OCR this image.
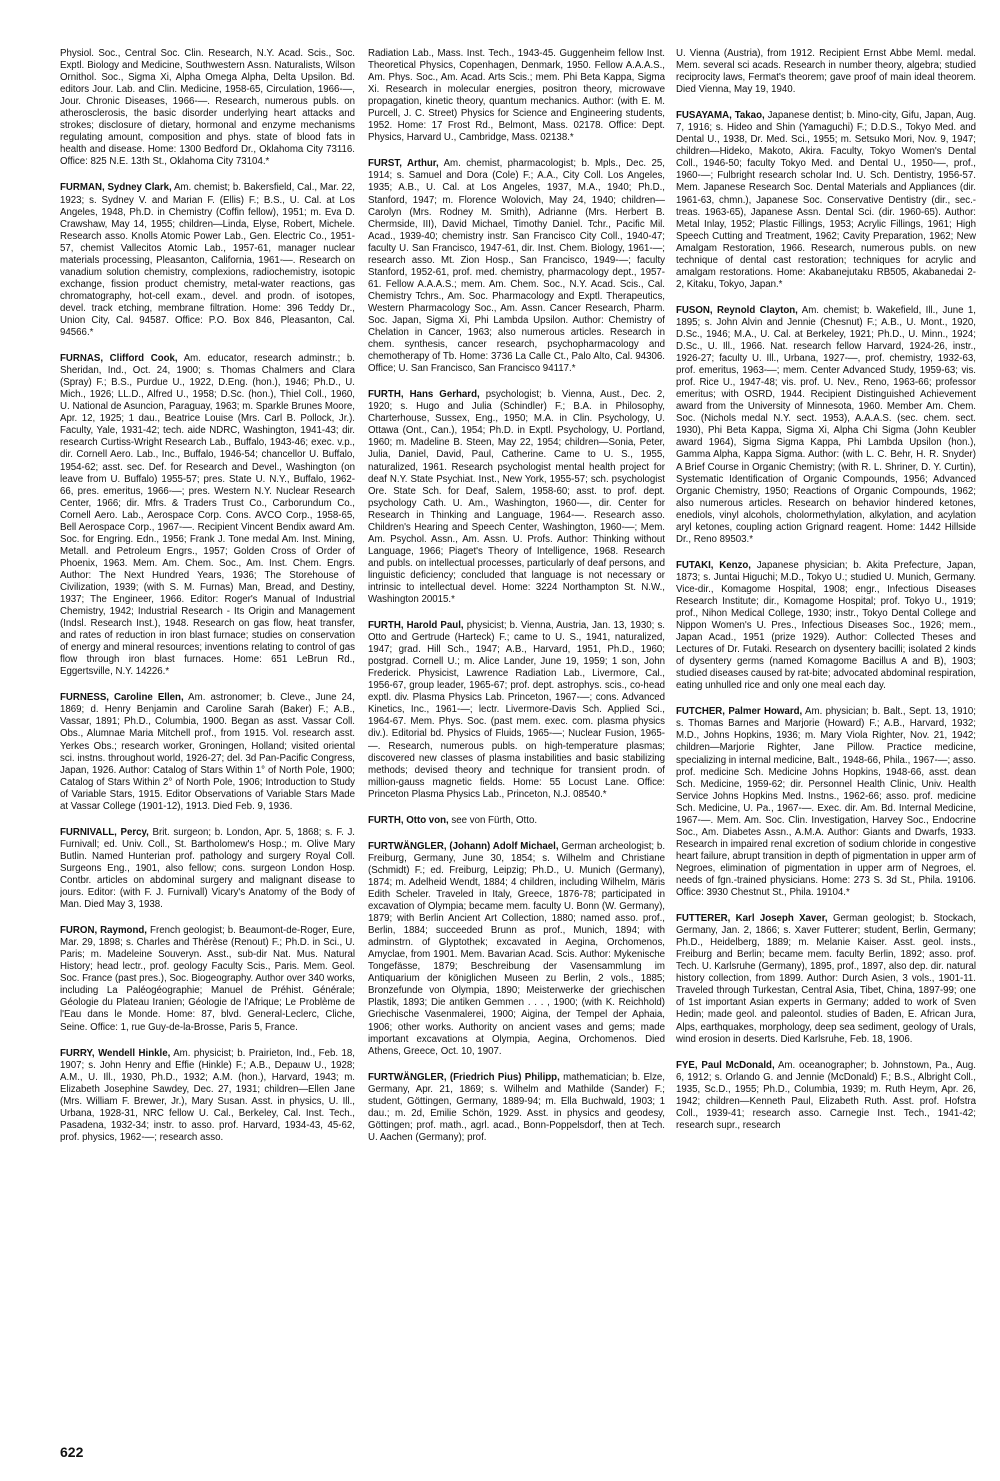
Physiol. Soc., Central Soc. Clin. Research, N.Y. Acad. Scis., Soc. Exptl. Biology and Medicine, Southwestern Assn. Naturalists, Wilson Ornithol. Soc., Sigma Xi, Alpha Omega Alpha, Delta Upsilon. Bd. editors Jour. Lab. and Clin. Medicine, 1958-65, Circulation, 1966-—, Jour. Chronic Diseases, 1966-—. Research, numerous publs. on atherosclerosis, the basic disorder underlying heart attacks and strokes; disclosure of dietary, hormonal and enzyme mechanisms regulating amount, composition and phys. state of blood fats in health and disease. Home: 1300 Bedford Dr., Oklahoma City 73116. Office: 825 N.E. 13th St., Oklahoma City 73104.*

FURMAN, Sydney Clark, Am. chemist; b. Bakersfield, Cal., Mar. 22, 1923; s. Sydney V. and Marian F. (Ellis) F.; B.S., U. Cal. at Los Angeles, 1948, Ph.D. in Chemistry (Coffin fellow), 1951; m. Eva D. Crawshaw, May 14, 1955; children—Linda, Elyse, Robert, Michele. Research asso. Knolls Atomic Power Lab., Gen. Electric Co., 1951-57, chemist Vallecitos Atomic Lab., 1957-61, manager nuclear materials processing, Pleasanton, California, 1961-—. Research on vanadium solution chemistry, complexions, radiochemistry, isotopic exchange, fission product chemistry, metal-water reactions, gas chromatography, hot-cell exam., devel. and prodn. of isotopes, devel. track etching, membrane filtration. Home: 396 Teddy Dr., Union City, Cal. 94587. Office: P.O. Box 846, Pleasanton, Cal. 94566.*

FURNAS, Clifford Cook, Am. educator, research adminstr.; b. Sheridan, Ind., Oct. 24, 1900; s. Thomas Chalmers and Clara (Spray) F.; B.S., Purdue U., 1922, D.Eng. (hon.), 1946; Ph.D., U. Mich., 1926; LL.D., Alfred U., 1958; D.Sc. (hon.), Thiel Coll., 1960, U. National de Asuncion, Paraguay, 1963; m. Sparkle Brunes Moore, Apr. 12, 1925; 1 dau., Beatrice Louise (Mrs. Carl B. Pollock, Jr.). Faculty, Yale, 1931-42; tech. aide NDRC, Washington, 1941-43; dir. research Curtiss-Wright Research Lab., Buffalo, 1943-46; exec. v.p., dir. Cornell Aero. Lab., Inc., Buffalo, 1946-54; chancellor U. Buffalo, 1954-62; asst. sec. Def. for Research and Devel., Washington (on leave from U. Buffalo) 1955-57; pres. State U. N.Y., Buffalo, 1962-66, pres. emeritus, 1966-—; pres. Western N.Y. Nuclear Research Center, 1966; dir. Mfrs. & Traders Trust Co., Carborundum Co., Cornell Aero. Lab., Aerospace Corp. Cons. AVCO Corp., 1958-65, Bell Aerospace Corp., 1967-—. Recipient Vincent Bendix award Am. Soc. for Engring. Edn., 1956; Frank J. Tone medal Am. Inst. Mining, Metall. and Petroleum Engrs., 1957; Golden Cross of Order of Phoenix, 1963. Mem. Am. Chem. Soc., Am. Inst. Chem. Engrs. Author: The Next Hundred Years, 1936; The Storehouse of Civilization, 1939; (with S. M. Furnas) Man, Bread, and Destiny, 1937; The Engineer, 1966. Editor: Roger's Manual of Industrial Chemistry, 1942; Industrial Research - Its Origin and Management (Indsl. Research Inst.), 1948. Research on gas flow, heat transfer, and rates of reduction in iron blast furnace; studies on conservation of energy and mineral resources; inventions relating to control of gas flow through iron blast furnaces. Home: 651 LeBrun Rd., Eggertsville, N.Y. 14226.*

FURNESS, Caroline Ellen, Am. astronomer; b. Cleve., June 24, 1869; d. Henry Benjamin and Caroline Sarah (Baker) F.; A.B., Vassar, 1891; Ph.D., Columbia, 1900. Began as asst. Vassar Coll. Obs., Alumnae Maria Mitchell prof., from 1915. Vol. research asst. Yerkes Obs.; research worker, Groningen, Holland; visited oriental sci. instns. throughout world, 1926-27; del. 3d Pan-Pacific Congress, Japan, 1926. Author: Catalog of Stars Within 1° of North Pole, 1900; Catalog of Stars Within 2° of North Pole, 1906; Introduction to Study of Variable Stars, 1915. Editor Observations of Variable Stars Made at Vassar College (1901-12), 1913. Died Feb. 9, 1936.

FURNIVALL, Percy, Brit. surgeon; b. London, Apr. 5, 1868; s. F. J. Furnivall; ed. Univ. Coll., St. Bartholomew's Hosp.; m. Olive Mary Butlin. Named Hunterian prof. pathology and surgery Royal Coll. Surgeons Eng., 1901, also fellow; cons. surgeon London Hosp. Contbr. articles on abdominal surgery and malignant disease to jours. Editor: (with F. J. Furnivall) Vicary's Anatomy of the Body of Man. Died May 3, 1938.

FURON, Raymond, French geologist; b. Beaumont-de-Roger, Eure, Mar. 29, 1898; s. Charles and Thérèse (Renout) F.; Ph.D. in Sci., U. Paris; m. Madeleine Souveryn. Asst., sub-dir Nat. Mus. Natural History; head lectr., prof. geology Faculty Scis., Paris. Mem. Geol. Soc. France (past pres.), Soc. Biogeography. Author over 340 works, including La Paléogéographie; Manuel de Préhist. Générale; Géologie du Plateau Iranien; Géologie de l'Afrique; Le Problème de l'Eau dans le Monde. Home: 87, blvd. General-Leclerc, Cliche, Seine. Office: 1, rue Guy-de-la-Brosse, Paris 5, France.

FURRY, Wendell Hinkle, Am. physicist; b. Prairieton, Ind., Feb. 18, 1907; s. John Henry and Effie (Hinkle) F.; A.B., Depauw U., 1928; A.M., U. Ill., 1930, Ph.D., 1932; A.M. (hon.), Harvard, 1943; m. Elizabeth Josephine Sawdey, Dec. 27, 1931; children—Ellen Jane (Mrs. William F. Brewer, Jr.), Mary Susan. Asst. in physics, U. Ill., Urbana, 1928-31, NRC fellow U. Cal., Berkeley, Cal. Inst. Tech., Pasadena, 1932-34; instr. to asso. prof. Harvard, 1934-43, 45-62, prof. physics, 1962-—; research asso.

Radiation Lab., Mass. Inst. Tech., 1943-45. Guggenheim fellow Inst. Theoretical Physics, Copenhagen, Denmark, 1950. Fellow A.A.A.S., Am. Phys. Soc., Am. Acad. Arts Scis.; mem. Phi Beta Kappa, Sigma Xi. Research in molecular energies, positron theory, microwave propagation, kinetic theory, quantum mechanics. Author: (with E. M. Purcell, J. C. Street) Physics for Science and Engineering students, 1952. Home: 17 Frost Rd., Belmont, Mass. 02178. Office: Dept. Physics, Harvard U., Cambridge, Mass. 02138.*

FURST, Arthur, Am. chemist, pharmacologist; b. Mpls., Dec. 25, 1914; s. Samuel and Dora (Cole) F.; A.A., City Coll. Los Angeles, 1935; A.B., U. Cal. at Los Angeles, 1937, M.A., 1940; Ph.D., Stanford, 1947; m. Florence Wolovich, May 24, 1940; children—Carolyn (Mrs. Rodney M. Smith), Adrianne (Mrs. Herbert B. Chermside, III), David Michael, Timothy Daniel. Tchr., Pacific Mil. Acad., 1939-40; chemistry instr. San Francisco City Coll., 1940-47; faculty U. San Francisco, 1947-61, dir. Inst. Chem. Biology, 1961-—; research asso. Mt. Zion Hosp., San Francisco, 1949-—; faculty Stanford, 1952-61, prof. med. chemistry, pharmacology dept., 1957-61. Fellow A.A.A.S.; mem. Am. Chem. Soc., N.Y. Acad. Scis., Cal. Chemistry Tchrs., Am. Soc. Pharmacology and Exptl. Therapeutics, Western Pharmacology Soc., Am. Assn. Cancer Research, Pharm. Soc. Japan, Sigma Xi, Phi Lambda Upsilon. Author: Chemistry of Chelation in Cancer, 1963; also numerous articles. Research in chem. synthesis, cancer research, psychopharmacology and chemotherapy of Tb. Home: 3736 La Calle Ct., Palo Alto, Cal. 94306. Office; U. San Francisco, San Francisco 94117.*

FURTH, Hans Gerhard, psychologist; b. Vienna, Aust., Dec. 2, 1920; s. Hugo and Julia (Schindler) F.; B.A. in Philosophy, Charterhouse, Sussex, Eng., 1950; M.A. in Clin. Psychology, U. Ottawa (Ont., Can.), 1954; Ph.D. in Exptl. Psychology, U. Portland, 1960; m. Madeline B. Steen, May 22, 1954; children—Sonia, Peter, Julia, Daniel, David, Paul, Catherine. Came to U. S., 1955, naturalized, 1961. Research psychologist mental health project for deaf N.Y. State Psychiat. Inst., New York, 1955-57; sch. psychologist Ore. State Sch. for Deaf, Salem, 1958-60; asst. to prof. dept. psychology Cath. U. Am., Washington, 1960-—, dir. Center for Research in Thinking and Language, 1964-—. Research asso. Children's Hearing and Speech Center, Washington, 1960-—; Mem. Am. Psychol. Assn., Am. Assn. U. Profs. Author: Thinking without Language, 1966; Piaget's Theory of Intelligence, 1968. Research and publs. on intellectual processes, particularly of deaf persons, and linguistic deficiency; concluded that language is not necessary or intrinsic to intellectual devel. Home: 3224 Northampton St. N.W., Washington 20015.*

FURTH, Harold Paul, physicist; b. Vienna, Austria, Jan. 13, 1930; s. Otto and Gertrude (Harteck) F.; came to U. S., 1941, naturalized, 1947; grad. Hill Sch., 1947; A.B., Harvard, 1951, Ph.D., 1960; postgrad. Cornell U.; m. Alice Lander, June 19, 1959; 1 son, John Frederick. Physicist, Lawrence Radiation Lab., Livermore, Cal., 1956-67, group leader, 1965-67; prof. dept. astrophys. scis., co-head exptl. div. Plasma Physics Lab. Princeton, 1967-—; cons. Advanced Kinetics, Inc., 1961-—; lectr. Livermore-Davis Sch. Applied Sci., 1964-67. Mem. Phys. Soc. (past mem. exec. com. plasma physics div.). Editorial bd. Physics of Fluids, 1965-—; Nuclear Fusion, 1965-—. Research, numerous publs. on high-temperature plasmas; discovered new classes of plasma instabilities and basic stabilizing methods; devised theory and technique for transient prodn. of million-gauss magnetic fields. Home: 55 Locust Lane. Office: Princeton Plasma Physics Lab., Princeton, N.J. 08540.*

FURTH, Otto von, see von Fürth, Otto.

FURTWÄNGLER, (Johann) Adolf Michael, German archeologist; b. Freiburg, Germany, June 30, 1854; s. Wilhelm and Christiane (Schmidt) F.; ed. Freiburg, Leipzig; Ph.D., U. Munich (Germany), 1874; m. Adelheid Wendt, 1884; 4 children, including Wilhelm, Märis Edith Scheler. Traveled in Italy, Greece, 1876-78; participated in excavation of Olympia; became mem. faculty U. Bonn (W. Germany), 1879; with Berlin Ancient Art Collection, 1880; named asso. prof., Berlin, 1884; succeeded Brunn as prof., Munich, 1894; with adminstrn. of Glyptothek; excavated in Aegina, Orchomenos, Amyclae, from 1901. Mem. Bavarian Acad. Scis. Author: Mykenische Tongefässe, 1879; Beschreibung der Vasensammlung im Antiquarium der königlichen Museen zu Berlin, 2 vols., 1885; Bronzefunde von Olympia, 1890; Meisterwerke der griechischen Plastik, 1893; Die antiken Gemmen . . . , 1900; (with K. Reichhold) Griechische Vasenmalerei, 1900; Aigina, der Tempel der Aphaia, 1906; other works. Authority on ancient vases and gems; made important excavations at Olympia, Aegina, Orchomenos. Died Athens, Greece, Oct. 10, 1907.

FURTWÄNGLER, (Friedrich Pius) Philipp, mathematician; b. Elze, Germany, Apr. 21, 1869; s. Wilhelm and Mathilde (Sander) F.; student, Göttingen, Germany, 1889-94; m. Ella Buchwald, 1903; 1 dau.; m. 2d, Emilie Schön, 1929. Asst. in physics and geodesy, Göttingen; prof. math., agrl. acad., Bonn-Poppelsdorf, then at Tech. U. Aachen (Germany); prof.

U. Vienna (Austria), from 1912. Recipient Ernst Abbe Meml. medal. Mem. several sci acads. Research in number theory, algebra; studied reciprocity laws, Fermat's theorem; gave proof of main ideal theorem. Died Vienna, May 19, 1940.

FUSAYAMA, Takao, Japanese dentist; b. Mino-city, Gifu, Japan, Aug. 7, 1916; s. Hideo and Shin (Yamaguchi) F.; D.D.S., Tokyo Med. and Dental U., 1938, Dr. Med. Sci., 1955; m. Setsuko Mori, Nov. 9, 1947; children—Hideko, Makoto, Akira. Faculty, Tokyo Women's Dental Coll., 1946-50; faculty Tokyo Med. and Dental U., 1950-—, prof., 1960-—; Fulbright research scholar Ind. U. Sch. Dentistry, 1956-57. Mem. Japanese Research Soc. Dental Materials and Appliances (dir. 1961-63, chmn.), Japanese Soc. Conservative Dentistry (dir., sec.-treas. 1963-65), Japanese Assn. Dental Sci. (dir. 1960-65). Author: Metal Inlay, 1952; Plastic Fillings, 1953; Acrylic Fillings, 1961; High Speech Cutting and Treatment, 1962; Cavity Preparation, 1962; New Amalgam Restoration, 1966. Research, numerous publs. on new technique of dental cast restoration; techniques for acrylic and amalgam restorations. Home: Akabanejutaku RB505, Akabanedai 2-2, Kitaku, Tokyo, Japan.*

FUSON, Reynold Clayton, Am. chemist; b. Wakefield, Ill., June 1, 1895; s. John Alvin and Jennie (Chesnut) F.; A.B., U. Mont., 1920, D.Sc., 1946; M.A., U. Cal. at Berkeley, 1921; Ph.D., U. Minn., 1924; D.Sc., U. Ill., 1966. Nat. research fellow Harvard, 1924-26, instr., 1926-27; faculty U. Ill., Urbana, 1927-—, prof. chemistry, 1932-63, prof. emeritus, 1963-—; mem. Center Advanced Study, 1959-63; vis. prof. Rice U., 1947-48; vis. prof. U. Nev., Reno, 1963-66; professor emeritus; with OSRD, 1944. Recipient Distinguished Achievement award from the University of Minnesota, 1960. Member Am. Chem. Soc. (Nichols medal N.Y. sect. 1953), A.A.A.S. (sec. chem. sect. 1930), Phi Beta Kappa, Sigma Xi, Alpha Chi Sigma (John Keubler award 1964), Sigma Sigma Kappa, Phi Lambda Upsilon (hon.), Gamma Alpha, Kappa Sigma. Author: (with L. C. Behr, H. R. Snyder) A Brief Course in Organic Chemistry; (with R. L. Shriner, D. Y. Curtin), Systematic Identification of Organic Compounds, 1956; Advanced Organic Chemistry, 1950; Reactions of Organic Compounds, 1962; also numerous articles. Research on behavior hindered ketones, enediols, vinyl alcohols, cholormethylation, alkylation, and acylation aryl ketones, coupling action Grignard reagent. Home: 1442 Hillside Dr., Reno 89503.*

FUTAKI, Kenzo, Japanese physician; b. Akita Prefecture, Japan, 1873; s. Juntai Higuchi; M.D., Tokyo U.; studied U. Munich, Germany. Vice-dir., Komagome Hospital, 1908; engr., Infectious Diseases Research Institute; dir., Komagome Hospital; prof. Tokyo U., 1919; prof., Nihon Medical College, 1930; instr., Tokyo Dental College and Nippon Women's U. Pres., Infectious Diseases Soc., 1926; mem., Japan Acad., 1951 (prize 1929). Author: Collected Theses and Lectures of Dr. Futaki. Research on dysentery bacilli; isolated 2 kinds of dysentery germs (named Komagome Bacillus A and B), 1903; studied diseases caused by rat-bite; advocated abdominal respiration, eating unhulled rice and only one meal each day.

FUTCHER, Palmer Howard, Am. physician; b. Balt., Sept. 13, 1910; s. Thomas Barnes and Marjorie (Howard) F.; A.B., Harvard, 1932; M.D., Johns Hopkins, 1936; m. Mary Viola Righter, Nov. 21, 1942; children—Marjorie Righter, Jane Pillow. Practice medicine, specializing in internal medicine, Balt., 1948-66, Phila., 1967-—; asso. prof. medicine Sch. Medicine Johns Hopkins, 1948-66, asst. dean Sch. Medicine, 1959-62; dir. Personnel Health Clinic, Univ. Health Service Johns Hopkins Med. Instns., 1962-66; asso. prof. medicine Sch. Medicine, U. Pa., 1967-—. Exec. dir. Am. Bd. Internal Medicine, 1967-—. Mem. Am. Soc. Clin. Investigation, Harvey Soc., Endocrine Soc., Am. Diabetes Assn., A.M.A. Author: Giants and Dwarfs, 1933. Research in impaired renal excretion of sodium chloride in congestive heart failure, abrupt transition in depth of pigmentation in upper arm of Negroes, elimination of pigmentation in upper arm of Negroes, el. needs of fgn.-trained physicians. Home: 273 S. 3d St., Phila. 19106. Office: 3930 Chestnut St., Phila. 19104.*

FUTTERER, Karl Joseph Xaver, German geologist; b. Stockach, Germany, Jan. 2, 1866; s. Xaver Futterer; student, Berlin, Germany; Ph.D., Heidelberg, 1889; m. Melanie Kaiser. Asst. geol. insts., Freiburg and Berlin; became mem. faculty Berlin, 1892; asso. prof. Tech. U. Karlsruhe (Germany), 1895, prof., 1897, also dep. dir. natural history collection, from 1899. Author: Durch Asien, 3 vols., 1901-11. Traveled through Turkestan, Central Asia, Tibet, China, 1897-99; one of 1st important Asian experts in Germany; added to work of Sven Hedin; made geol. and paleontol. studies of Baden, E. African Jura, Alps, earthquakes, morphology, deep sea sediment, geology of Urals, wind erosion in deserts. Died Karlsruhe, Feb. 18, 1906.

FYE, Paul McDonald, Am. oceanographer; b. Johnstown, Pa., Aug. 6, 1912; s. Orlando G. and Jennie (McDonald) F.; B.S., Albright Coll., 1935, Sc.D., 1955; Ph.D., Columbia, 1939; m. Ruth Heym, Apr. 26, 1942; children—Kenneth Paul, Elizabeth Ruth. Asst. prof. Hofstra Coll., 1939-41; research asso. Carnegie Inst. Tech., 1941-42; research supr., research

622
